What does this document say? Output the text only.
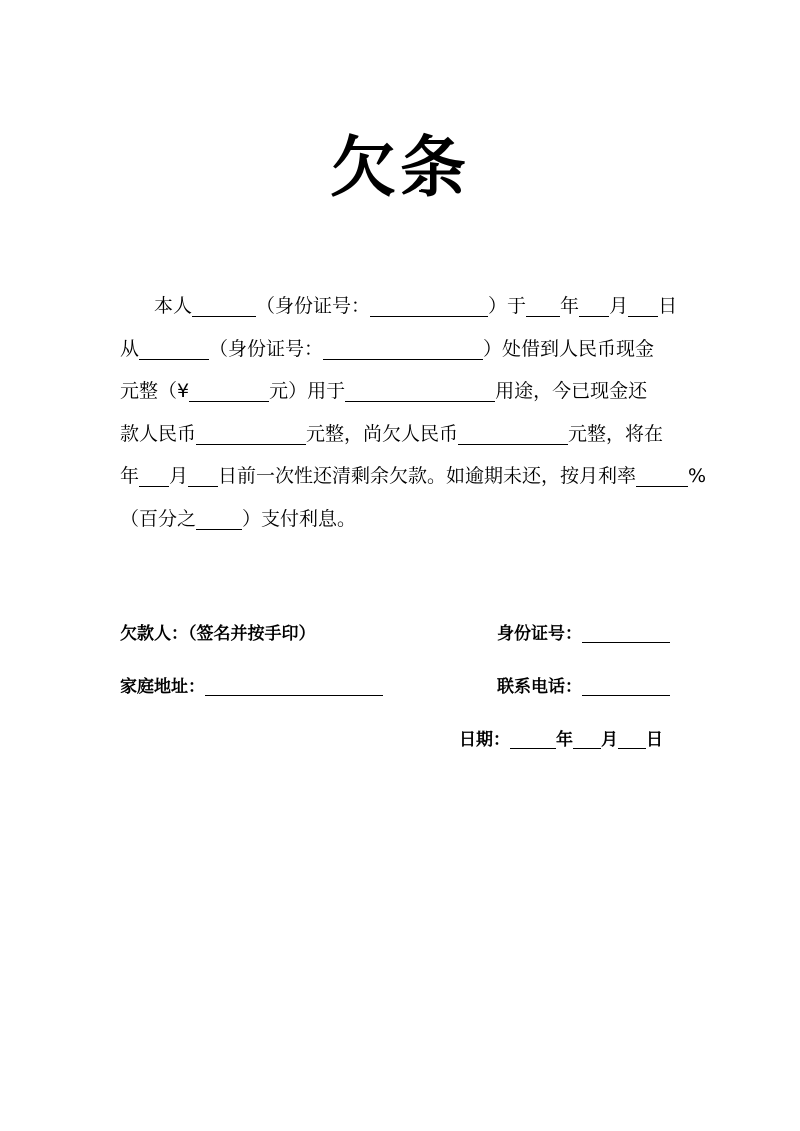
欠条
本人	（身份证号：	）于 年 月 日
从	（身份证号：	）处借到人民币现金
元整（¥	元）用于	用途，今已现金还
款人民币	元整，尚欠人民币	元整，将在
年 月 日前一次性还清剩余欠款。如逾期未还，按月利率	%
（百分之 ）支付利息。
欠款人：（签名并按手印）	身份证号：
家庭地址：	联系电话：
日期：	年 月 日
